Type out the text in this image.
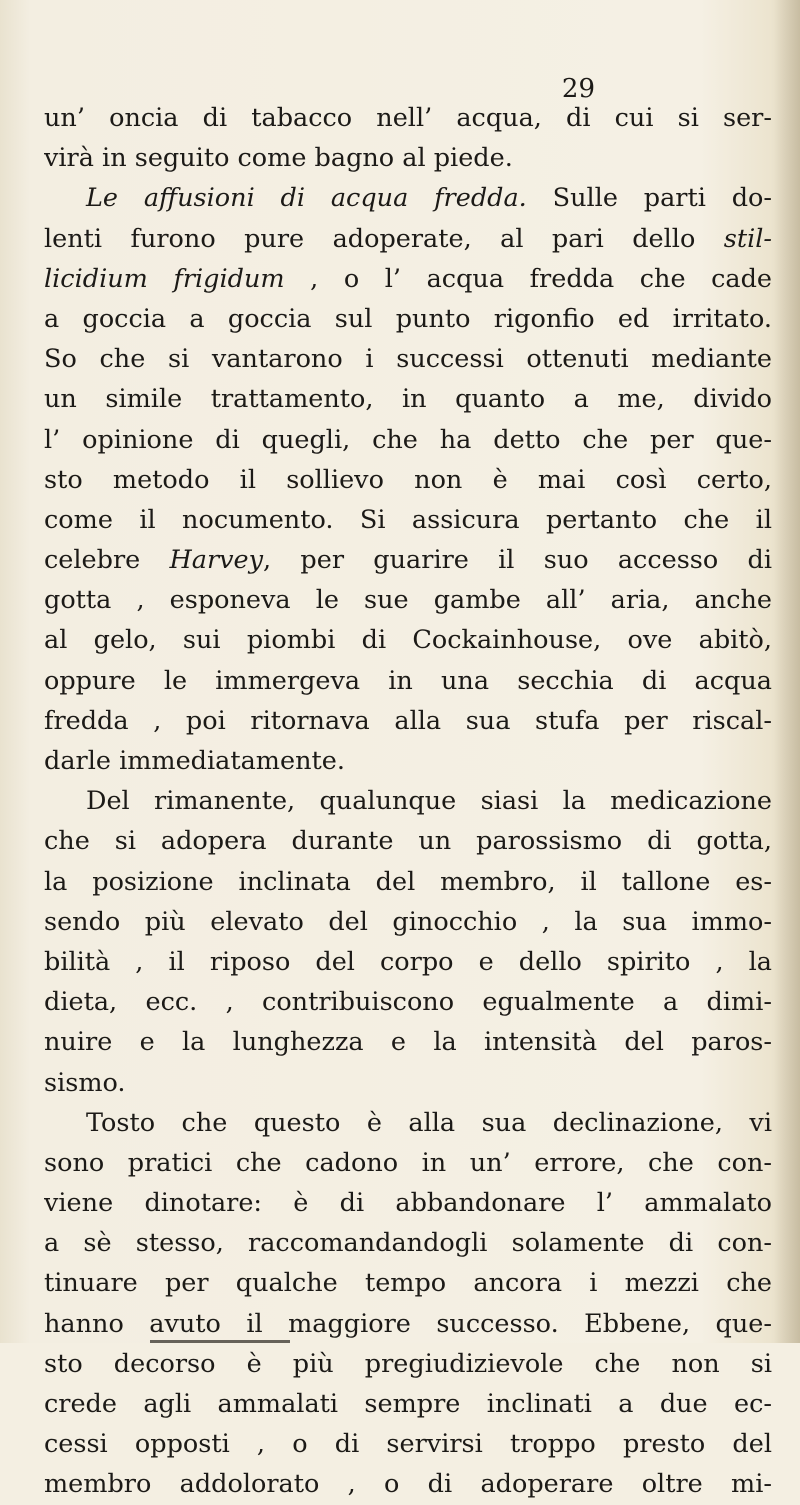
29
un’ oncia di tabacco nell’ acqua, di cui si ser-
virà in seguito come bagno al piede.
Le affusioni di acqua fredda. Sulle parti do-
lenti furono pure adoperate, al pari dello stil-
licidium frigidum , o l’ acqua fredda che cade
a goccia a goccia sul punto rigonfio ed irritato.
So che si vantarono i successi ottenuti mediante
un simile trattamento, in quanto a me, divido
l’ opinione di quegli, che ha detto che per que-
sto metodo il sollievo non è mai così certo,
come il nocumento. Si assicura pertanto che il
celebre Harvey, per guarire il suo accesso di
gotta , esponeva le sue gambe all’ aria, anche
al gelo, sui piombi di Cockainhouse, ove abitò,
oppure le immergeva in una secchia di acqua
fredda , poi ritornava alla sua stufa per riscal-
darle immediatamente.
Del rimanente, qualunque siasi la medicazione
che si adopera durante un parossismo di gotta,
la posizione inclinata del membro, il tallone es-
sendo più elevato del ginocchio , la sua immo-
bilità , il riposo del corpo e dello spirito , la
dieta, ecc. , contribuiscono egualmente a dimi-
nuire e la lunghezza e la intensità del paros-
sismo.
Tosto che questo è alla sua declinazione, vi
sono pratici che cadono in un’ errore, che con-
viene dinotare: è di abbandonare l’ ammalato
a sè stesso, raccomandandogli solamente di con-
tinuare per qualche tempo ancora i mezzi che
hanno avuto il maggiore successo. Ebbene, que-
sto decorso è più pregiudizievole che non si
crede agli ammalati sempre inclinati a due ec-
cessi opposti , o di servirsi troppo presto del
membro addolorato , o di adoperare oltre mi-
